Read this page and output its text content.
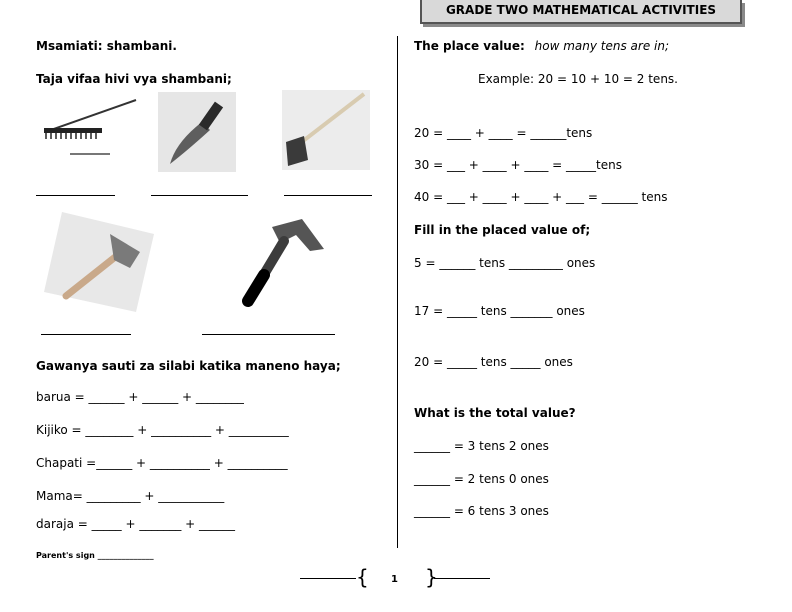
GRADE TWO MATHEMATICAL ACTIVITIES
Msamiati: shambani.
Taja vifaa hivi vya shambani;
Gawanya sauti za silabi katika maneno haya;
barua = ______ + ______ + ________
Kijiko = ________ + __________ + __________
Chapati =______ + __________ + __________
Mama= _________ + ___________
daraja = _____ + _______ + ______
Parent's sign ______________
The place value: how many tens are in;
Example: 20 = 10 + 10 = 2 tens.
20 = ____ + ____ = ______tens
30 = ___ + ____ + ____ = _____tens
40 = ___ + ____ + ____ + ___ = ______ tens
Fill in the placed value of;
5 = ______ tens _________ ones
17 = _____ tens _______ ones
20 = _____ tens _____ ones
What is the total value?
______ = 3 tens 2 ones
______ = 2 tens 0 ones
______ = 6 tens 3 ones
{ 1 }
